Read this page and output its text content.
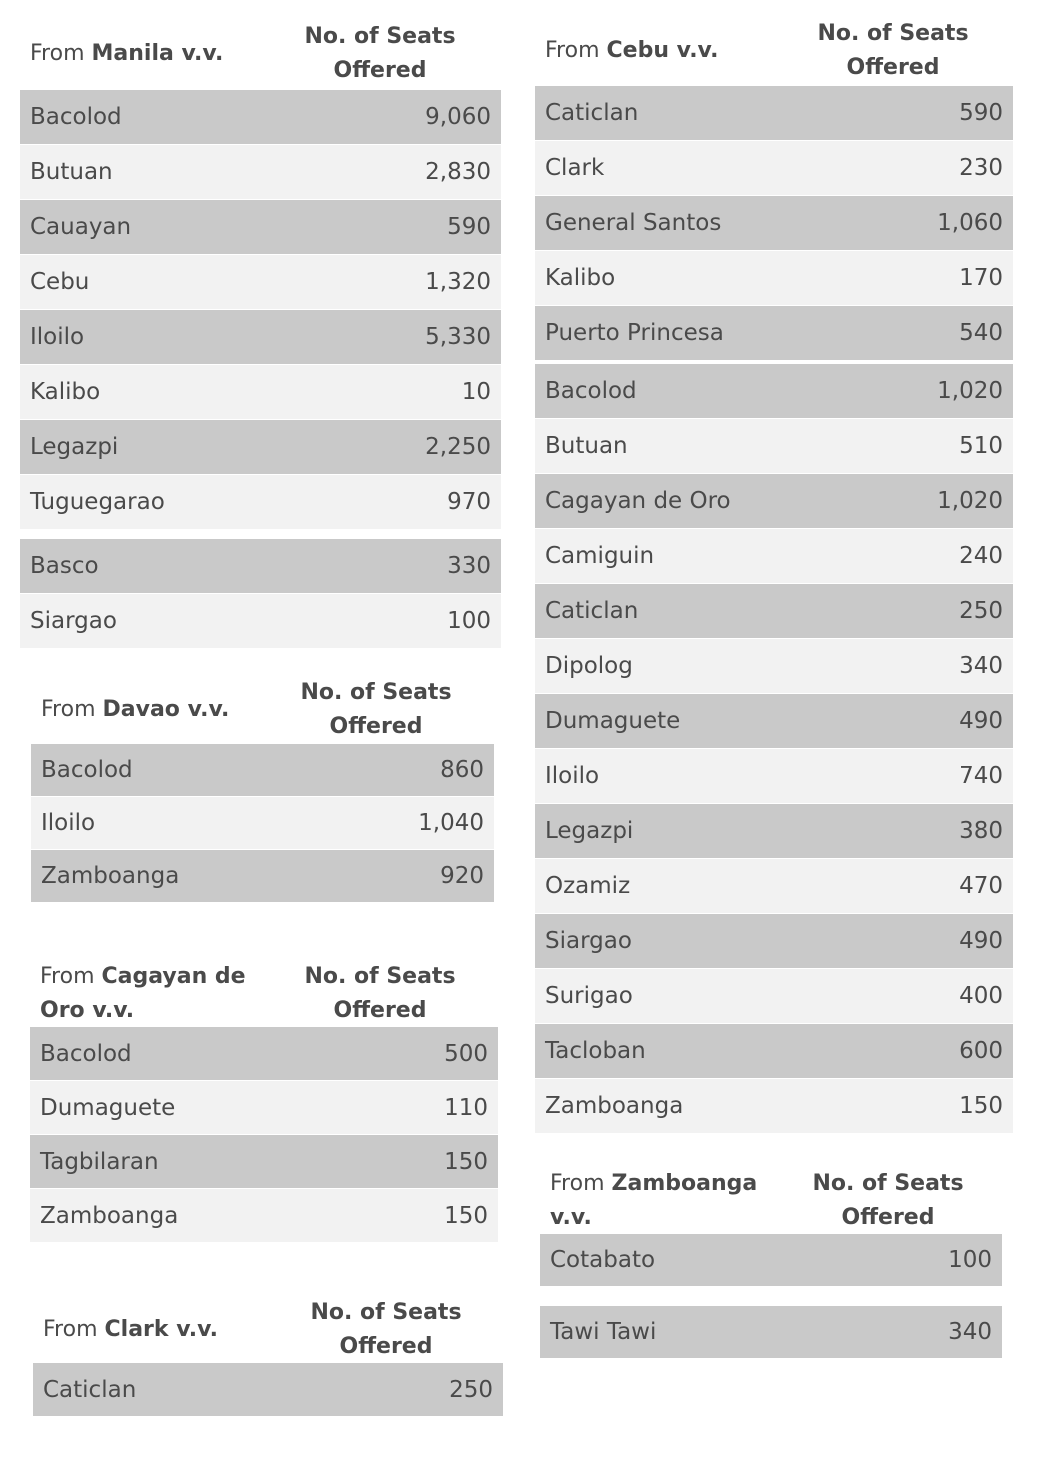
From Manila v.v.
No. of Seats Offered
Bacolod	9,060
Butuan	2,830
Cauayan	590
Cebu	1,320
Iloilo	5,330
Kalibo	10
Legazpi	2,250
Tuguegarao	970
Basco	330
Siargao	100
From Davao v.v.
No. of Seats Offered
Bacolod	860
Iloilo	1,040
Zamboanga	920
From Cagayan de Oro v.v.
No. of Seats Offered
Bacolod	500
Dumaguete	110
Tagbilaran	150
Zamboanga	150
From Clark v.v.
No. of Seats Offered
Caticlan	250
From Cebu v.v.
No. of Seats Offered
Caticlan	590
Clark	230
General Santos	1,060
Kalibo	170
Puerto Princesa	540
Bacolod	1,020
Butuan	510
Cagayan de Oro	1,020
Camiguin	240
Caticlan	250
Dipolog	340
Dumaguete	490
Iloilo	740
Legazpi	380
Ozamiz	470
Siargao	490
Surigao	400
Tacloban	600
Zamboanga	150
From Zamboanga v.v.
No. of Seats Offered
Cotabato	100
Tawi Tawi	340
